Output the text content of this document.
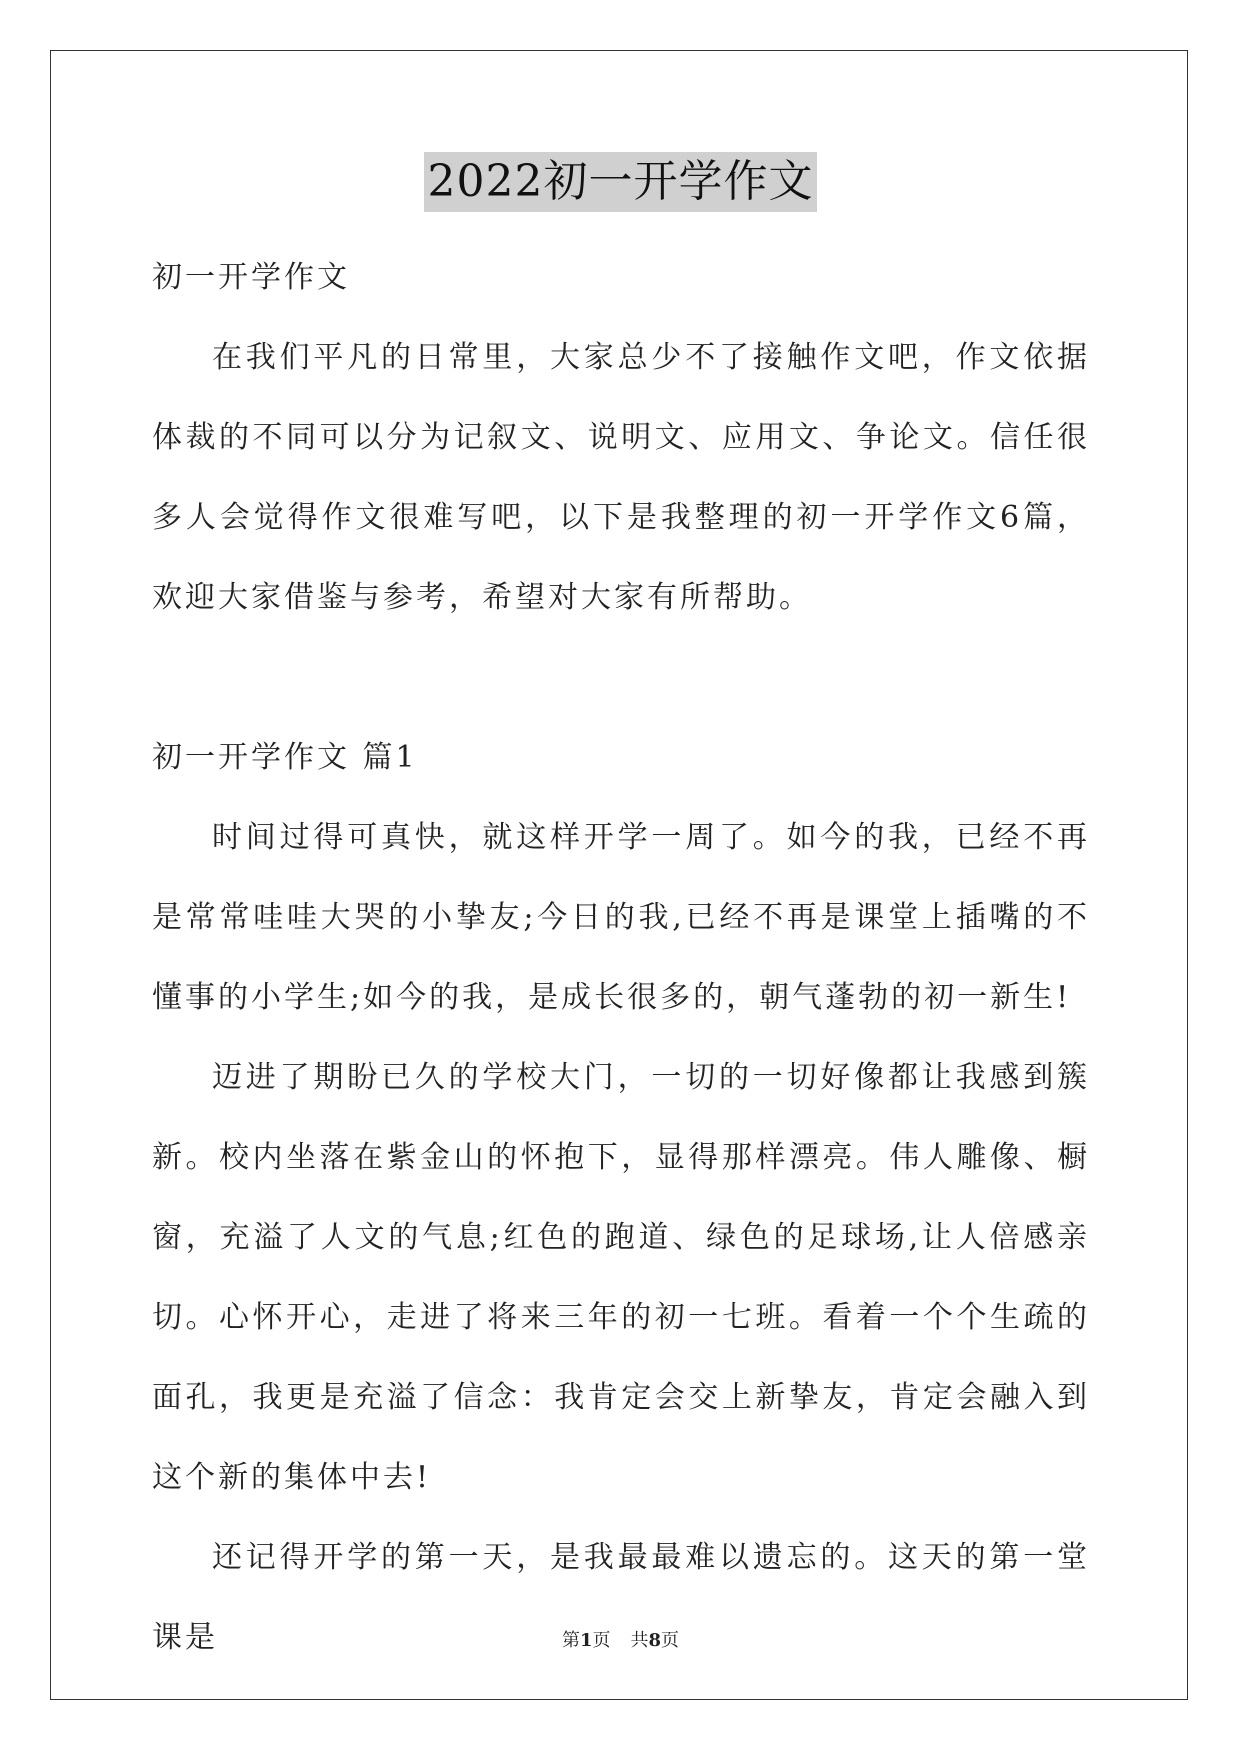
2022初一开学作文

初一开学作文

在我们平凡的日常里，大家总少不了接触作文吧，作文依据体裁的不同可以分为记叙文、说明文、应用文、争论文。信任很多人会觉得作文很难写吧，以下是我整理的初一开学作文6篇，欢迎大家借鉴与参考，希望对大家有所帮助。

初一开学作文 篇1

时间过得可真快，就这样开学一周了。如今的我，已经不再是常常哇哇大哭的小挚友;今日的我,已经不再是课堂上插嘴的不懂事的小学生;如今的我，是成长很多的，朝气蓬勃的初一新生!

迈进了期盼已久的学校大门，一切的一切好像都让我感到簇新。校内坐落在紫金山的怀抱下，显得那样漂亮。伟人雕像、橱窗，充溢了人文的气息;红色的跑道、绿色的足球场,让人倍感亲切。心怀开心，走进了将来三年的初一七班。看着一个个生疏的面孔，我更是充溢了信念：我肯定会交上新挚友，肯定会融入到这个新的集体中去!

还记得开学的第一天，是我最最难以遗忘的。这天的第一堂课是	第1页 共8页
